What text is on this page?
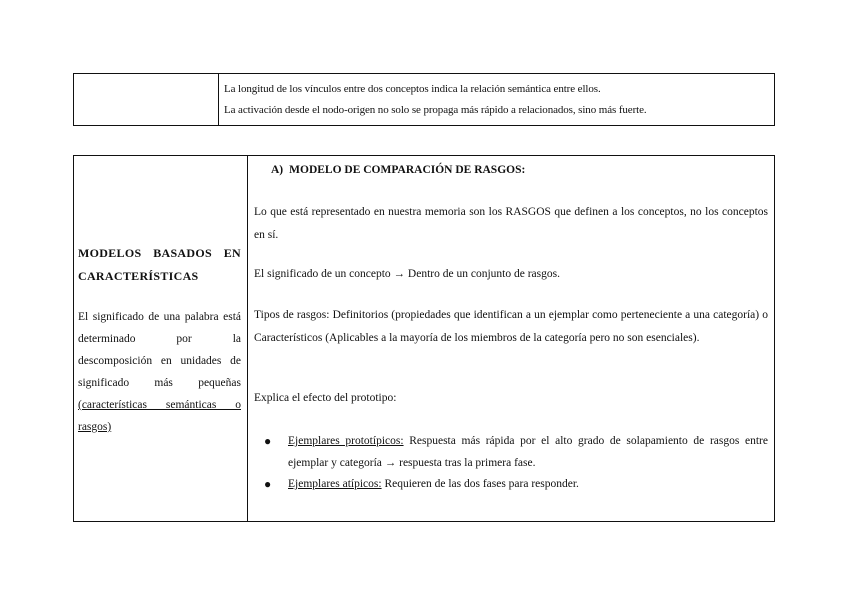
La longitud de los vínculos entre dos conceptos indica la relación semántica entre ellos.
La activación desde el nodo-origen no solo se propaga más rápido a relacionados, sino más fuerte.
MODELOS BASADOS EN
CARACTERÍSTICAS
El significado de una palabra está determinado por la descomposición en unidades de significado más pequeñas (características semánticas o rasgos)
A) MODELO DE COMPARACIÓN DE RASGOS:
Lo que está representado en nuestra memoria son los RASGOS que definen a los conceptos, no los conceptos en sí.
El significado de un concepto → Dentro de un conjunto de rasgos.
Tipos de rasgos: Definitorios (propiedades que identifican a un ejemplar como perteneciente a una categoría) o Característicos (Aplicables a la mayoría de los miembros de la categoría pero no son esenciales).
Explica el efecto del prototipo:
● Ejemplares prototípicos: Respuesta más rápida por el alto grado de solapamiento de rasgos entre ejemplar y categoría → respuesta tras la primera fase.
● Ejemplares atípicos: Requieren de las dos fases para responder.
